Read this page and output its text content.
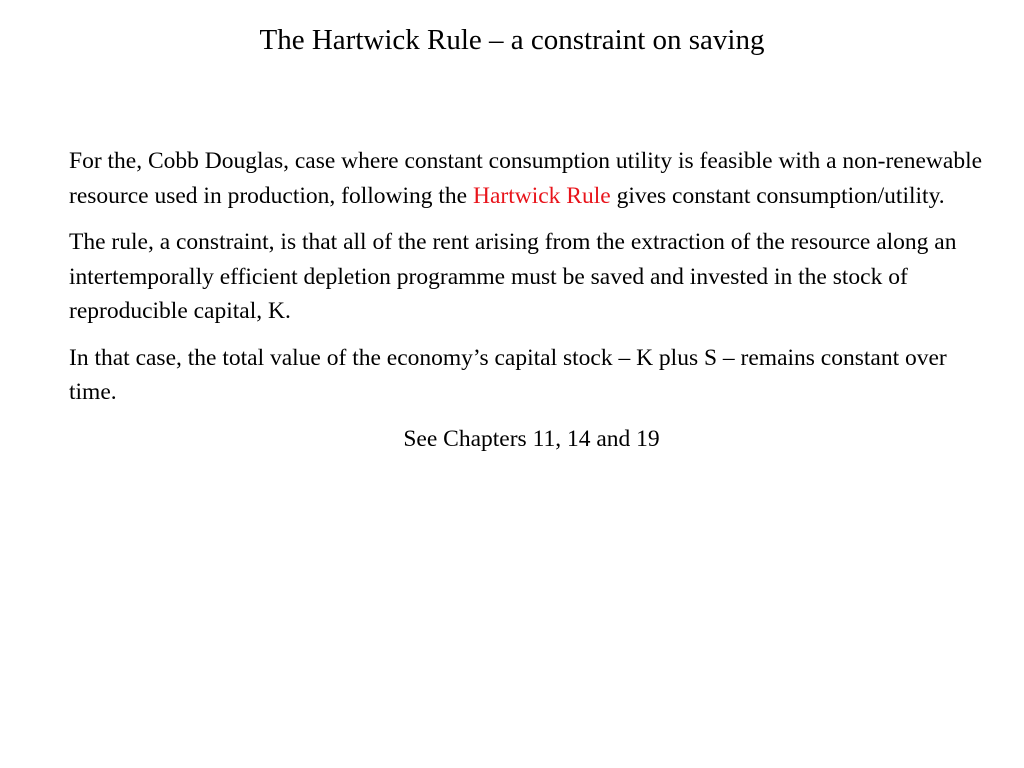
The Hartwick Rule – a constraint on saving

For the, Cobb Douglas, case where constant consumption utility is feasible with a non-renewable resource used in production, following the Hartwick Rule gives constant consumption/utility.

The rule, a constraint, is that all of the rent arising from the extraction of the resource along an intertemporally efficient depletion programme must be saved and invested in the stock of reproducible capital, K.

In that case, the total value of the economy’s capital stock – K plus S – remains constant over time.

See Chapters 11, 14 and 19
